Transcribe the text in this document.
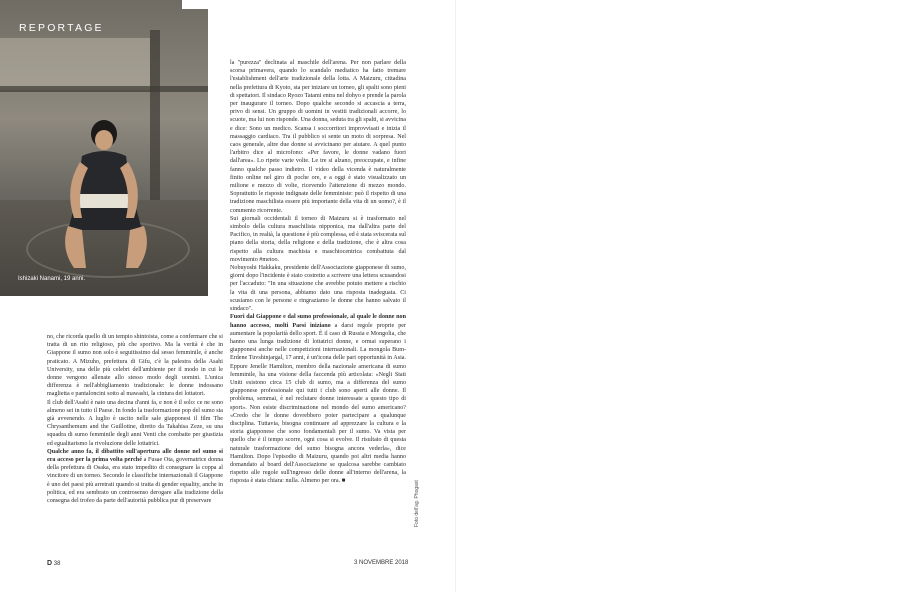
REPORTAGE
Ishizaki Nanami, 19 anni.

no, che ricorda quello di un tempio shintoista, come a confermare che si tratta di un rito religioso, più che sportivo. Ma la verità è che in Giappone il sumo non solo è seguitissimo dal sesso femminile, è anche praticato. A Mizuho, prefettura di Gifu, c'è la palestra della Asahi University, una delle più celebri dell'ambiente per il modo in cui le donne vengono allenate allo stesso modo degli uomini. L'unica differenza è nell'abbigliamento tradizionale: le donne indossano maglietta e pantaloncini sotto al mawashi, la cintura dei lottatori.

Il club dell'Asahi è nato una decina d'anni fa, e non è il solo: ce ne sono almeno sei in tutto il Paese. In fondo la trasformazione pop del sumo sta già avvenendo. A luglio è uscito nelle sale giapponesi il film The Chrysanthemum and the Guillotine, diretto da Takahisa Zeze, su una squadra di sumo femminile degli anni Venti che combatte per giustizia ed egualitarismo la rivoluzione delle lottatrici.

Qualche anno fa, il dibattito sull'apertura alle donne nel sumo si era acceso per la prima volta perché a Fusae Ota, governatrice donna della prefettura di Osaka, era stato impedito di consegnare la coppa al vincitore di un torneo. Secondo le classifiche internazionali il Giappone è uno dei paesi più arretrati quando si tratta di gender equality, anche in politica, ed era sembrato un controsenso derogare alla tradizione della consegna del trofeo da parte dell'autorità pubblica pur di preservare

la "purezza" declinata al maschile dell'arena. Per non parlare della scorsa primavera, quando lo scandalo mediatico ha fatto tremare l'establishment dell'arte tradizionale della lotta. A Maizuru, cittadina nella prefettura di Kyoto, sta per iniziare un torneo, gli spalti sono pieni di spettatori. Il sindaco Ryozo Tatami entra nel dohyo e prende la parola per inaugurare il torneo. Dopo qualche secondo si accascia a terra, privo di sensi. Un gruppo di uomini in vestiti tradizionali accorre, lo scuote, ma lui non risponde. Una donna, seduta tra gli spalti, si avvicina e dice: Sono un medico. Scansa i soccorritori improvvisati e inizia il massaggio cardiaco. Tra il pubblico si sente un moto di sorpresa. Nel caos generale, altre due donne si avvicinano per aiutare. A quel punto l'arbitro dice al microfono: «Per favore, le donne vadano fuori dall'area». Lo ripete varie volte. Le tre si alzano, preoccupate, e infine fanno qualche passo indietro. Il video della vicenda è naturalmente finito online nel giro di poche ore, e a oggi è stato visualizzato un milione e mezzo di volte, ricevendo l'attenzione di mezzo mondo. Soprattutto le risposte indignate delle femministe: può il rispetto di una tradizione maschilista essere più importante della vita di un uomo?, è il commento ricorrente.

Sui giornali occidentali il torneo di Maizuru si è trasformato nel simbolo della cultura maschilista nipponica, ma dall'altra parte del Pacifico, in realtà, la questione è più complessa, ed è stata sviscerata sul piano della storia, della religione e della tradizione, che è altra cosa rispetto alla cultura machista e maschiocentrica combattuta dal movimento #metoo.

Nobuyoshi Hakkaku, presidente dell'Associazione giapponese di sumo, giorni dopo l'incidente è stato costretto a scrivere una lettera scusandosi per l'accaduto: "In una situazione che avrebbe potuto mettere a rischio la vita di una persona, abbiamo dato una risposta inadeguata. Ci scusiamo con le persone e ringraziamo le donne che hanno salvato il sindaco".

Fuori dal Giappone e dal sumo professionale, al quale le donne non hanno accesso, molti Paesi iniziano a darsi regole proprie per aumentare la popolarità dello sport. È il caso di Russia e Mongolia, che hanno una lunga tradizione di lottatrici donne, e ormai superano i giapponesi anche nelle competizioni internazionali. La mongola Bum-Erdene Tuvshinjargal, 17 anni, è un'icona delle pari opportunità in Asia. Eppure Jenelle Hamilton, membro della nazionale americana di sumo femminile, ha una visione della faccenda più articolata: «Negli Stati Uniti esistono circa 15 club di sumo, ma a differenza del sumo giapponese professionale qui tutti i club sono aperti alle donne. Il problema, semmai, è nel reclutare donne interessate a questo tipo di sport». Non esiste discriminazione nel mondo del sumo americano? «Credo che le donne dovrebbero poter partecipare a qualunque disciplina. Tuttavia, bisogna continuare ad apprezzare la cultura e la storia giapponese che sono fondamentali per il sumo. Va vista per quello che è il tempo scorre, ogni cosa si evolve. Il risultato di questa naturale trasformazione del sumo bisogna ancora vederla», dice Hamilton. Dopo l'episodio di Maizuru, quando poi altri media hanno domandato al board dell'Associazione se qualcosa sarebbe cambiato rispetto alle regole sull'ingresso delle donne all'interno dell'arena, la risposta è stata chiara: nulla. Almeno per ora. ■	Foto dell'ag. Phogast
D 38	3 NOVEMBRE 2018
